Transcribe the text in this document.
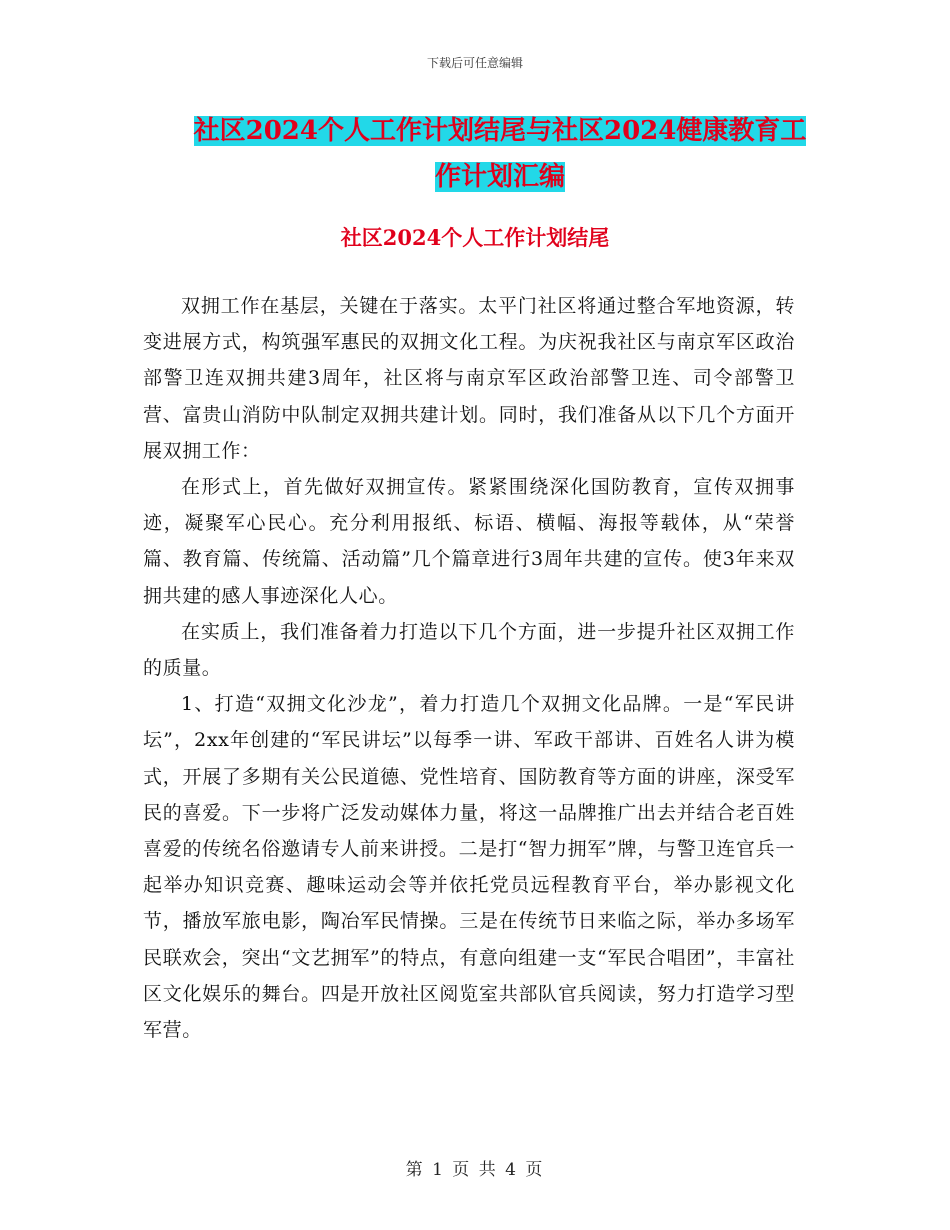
下载后可任意编辑
社区2024个人工作计划结尾与社区2024健康教育工
作计划汇编
社区2024个人工作计划结尾

双拥工作在基层，关键在于落实。太平门社区将通过整合军地资源，转变进展方式，构筑强军惠民的双拥文化工程。为庆祝我社区与南京军区政治部警卫连双拥共建3周年，社区将与南京军区政治部警卫连、司令部警卫营、富贵山消防中队制定双拥共建计划。同时，我们准备从以下几个方面开展双拥工作：

在形式上，首先做好双拥宣传。紧紧围绕深化国防教育，宣传双拥事迹，凝聚军心民心。充分利用报纸、标语、横幅、海报等载体，从“荣誉篇、教育篇、传统篇、活动篇”几个篇章进行3周年共建的宣传。使3年来双拥共建的感人事迹深化人心。

在实质上，我们准备着力打造以下几个方面，进一步提升社区双拥工作的质量。

1、打造“双拥文化沙龙”，着力打造几个双拥文化品牌。一是“军民讲坛”，2xx年创建的“军民讲坛”以每季一讲、军政干部讲、百姓名人讲为模式，开展了多期有关公民道德、党性培育、国防教育等方面的讲座，深受军民的喜爱。下一步将广泛发动媒体力量，将这一品牌推广出去并结合老百姓喜爱的传统名俗邀请专人前来讲授。二是打“智力拥军”牌，与警卫连官兵一起举办知识竞赛、趣味运动会等并依托党员远程教育平台，举办影视文化节，播放军旅电影，陶冶军民情操。三是在传统节日来临之际，举办多场军民联欢会，突出“文艺拥军”的特点，有意向组建一支“军民合唱团”，丰富社区文化娱乐的舞台。四是开放社区阅览室共部队官兵阅读，努力打造学习型军营。

第 1 页 共 4 页
